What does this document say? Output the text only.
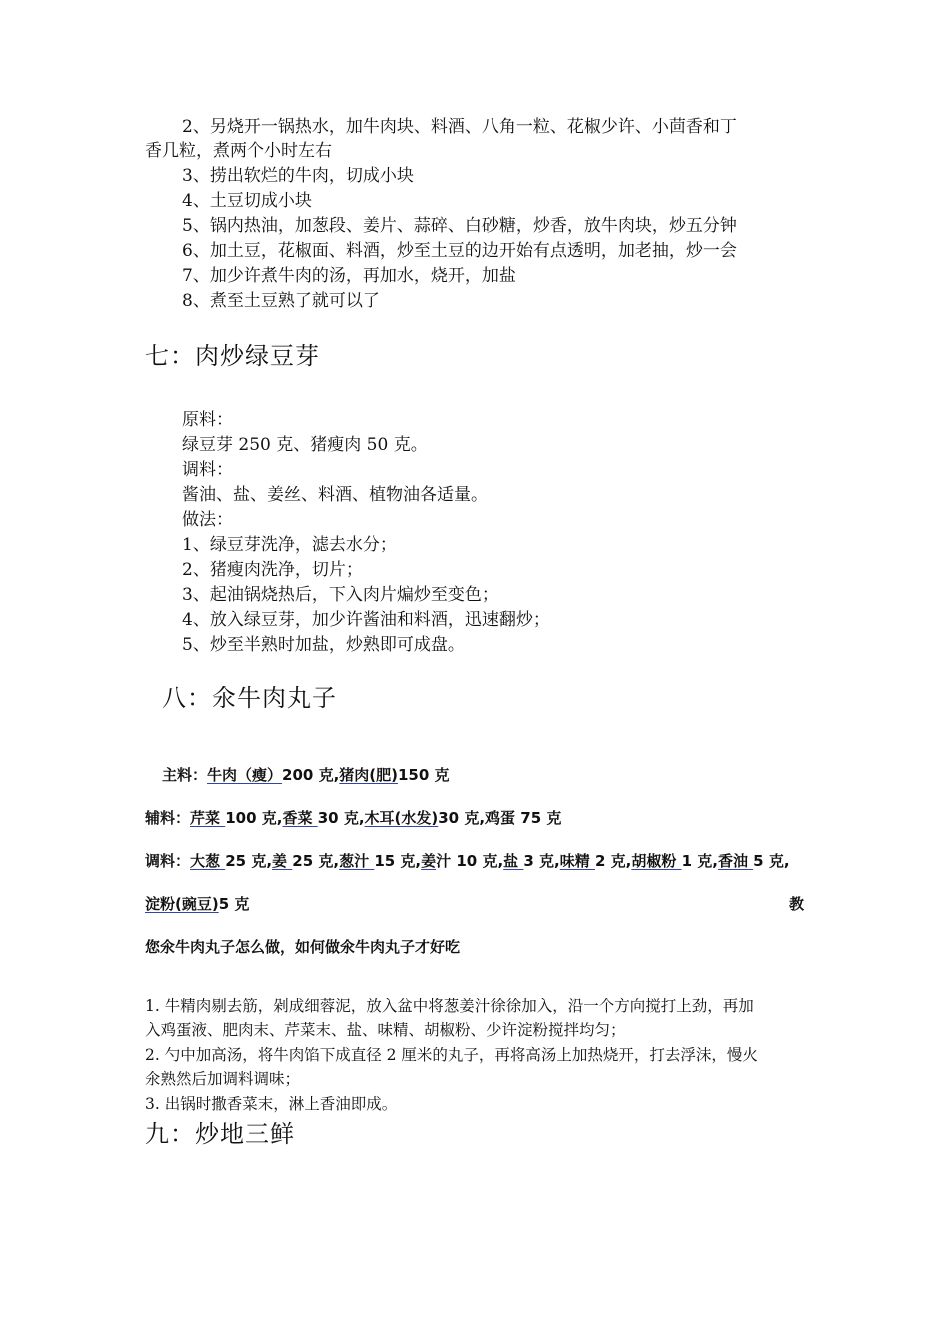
2、另烧开一锅热水，加牛肉块、料酒、八角一粒、花椒少许、小茴香和丁
香几粒，煮两个小时左右
3、捞出软烂的牛肉，切成小块
4、土豆切成小块
5、锅内热油，加葱段、姜片、蒜碎、白砂糖，炒香，放牛肉块，炒五分钟
6、加土豆，花椒面、料酒，炒至土豆的边开始有点透明，加老抽，炒一会
7、加少许煮牛肉的汤，再加水，烧开，加盐
8、煮至土豆熟了就可以了
七：肉炒绿豆芽
原料：
绿豆芽 250 克、猪瘦肉 50 克。
调料：
酱油、盐、姜丝、料酒、植物油各适量。
做法：
1、绿豆芽洗净，滤去水分；
2、猪瘦肉洗净，切片；
3、起油锅烧热后，下入肉片煸炒至变色；
4、放入绿豆芽，加少许酱油和料酒，迅速翻炒；
5、炒至半熟时加盐，炒熟即可成盘。
八：氽牛肉丸子
主料：牛肉（瘦）200 克,猪肉(肥)150 克
辅料：芹菜 100 克,香菜 30 克,木耳(水发)30 克,鸡蛋 75 克
调料：大葱 25 克,姜 25 克,葱汁 15 克,姜汁 10 克,盐 3 克,味精 2 克,胡椒粉 1 克,香油 5 克,
淀粉(豌豆)5 克	教
您氽牛肉丸子怎么做，如何做氽牛肉丸子才好吃
1. 牛精肉剔去筋，剁成细蓉泥，放入盆中将葱姜汁徐徐加入，沿一个方向搅打上劲，再加
入鸡蛋液、肥肉末、芹菜末、盐、味精、胡椒粉、少许淀粉搅拌均匀；
2. 勺中加高汤，将牛肉馅下成直径 2 厘米的丸子，再将高汤上加热烧开，打去浮沫，慢火
氽熟然后加调料调味；
3. 出锅时撒香菜末，淋上香油即成。
九：炒地三鲜
